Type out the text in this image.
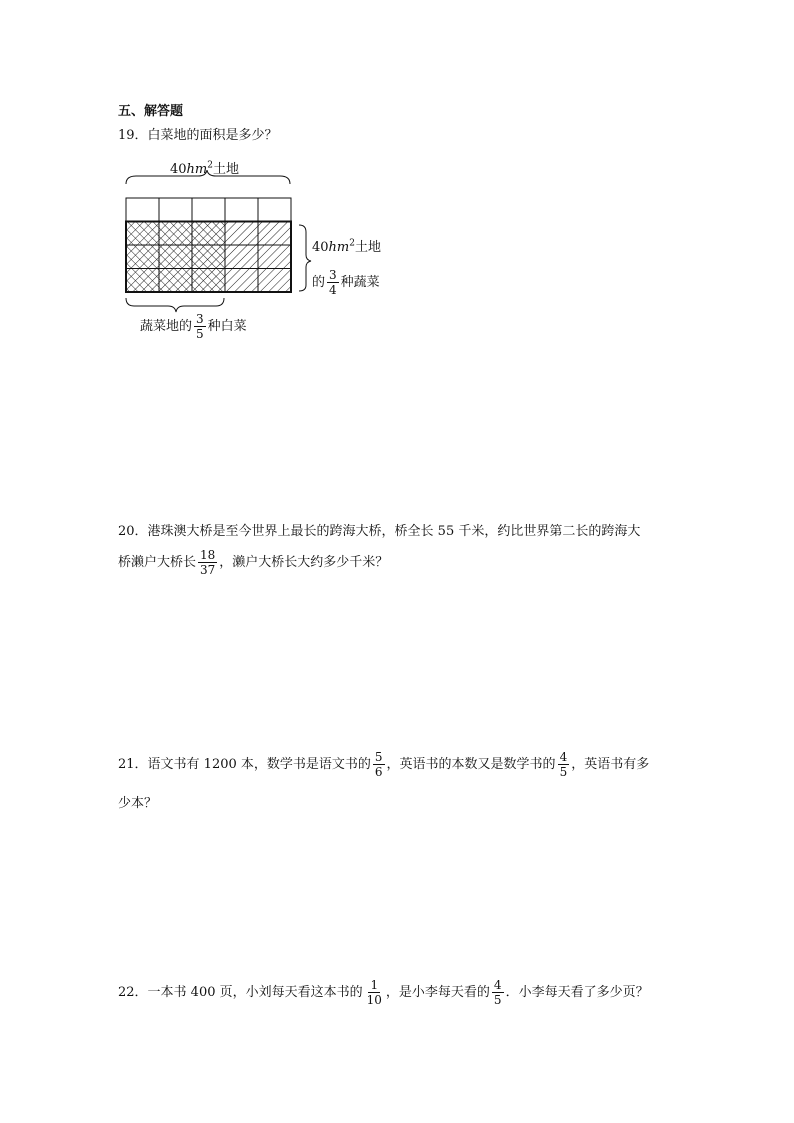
五、解答题
19．白菜地的面积是多少？
$40hm^2$土地
$40hm^2$土地
的 $\frac{3}{4}$ 种蔬菜
蔬菜地的 $\frac{3}{5}$ 种白菜
20．港珠澳大桥是至今世界上最长的跨海大桥，桥全长 55 千米，约比世界第二长的跨海大
桥濑户大桥长 $\frac{18}{37}$ ，濑户大桥长大约多少千米？
21．语文书有 1200 本，数学书是语文书的 $\frac{5}{6}$ ，英语书的本数又是数学书的 $\frac{4}{5}$ ，英语书有多
少本？
22．一本书 400 页，小刘每天看这本书的 $\frac{1}{10}$ ，是小李每天看的 $\frac{4}{5}$ ．小李每天看了多少页？
